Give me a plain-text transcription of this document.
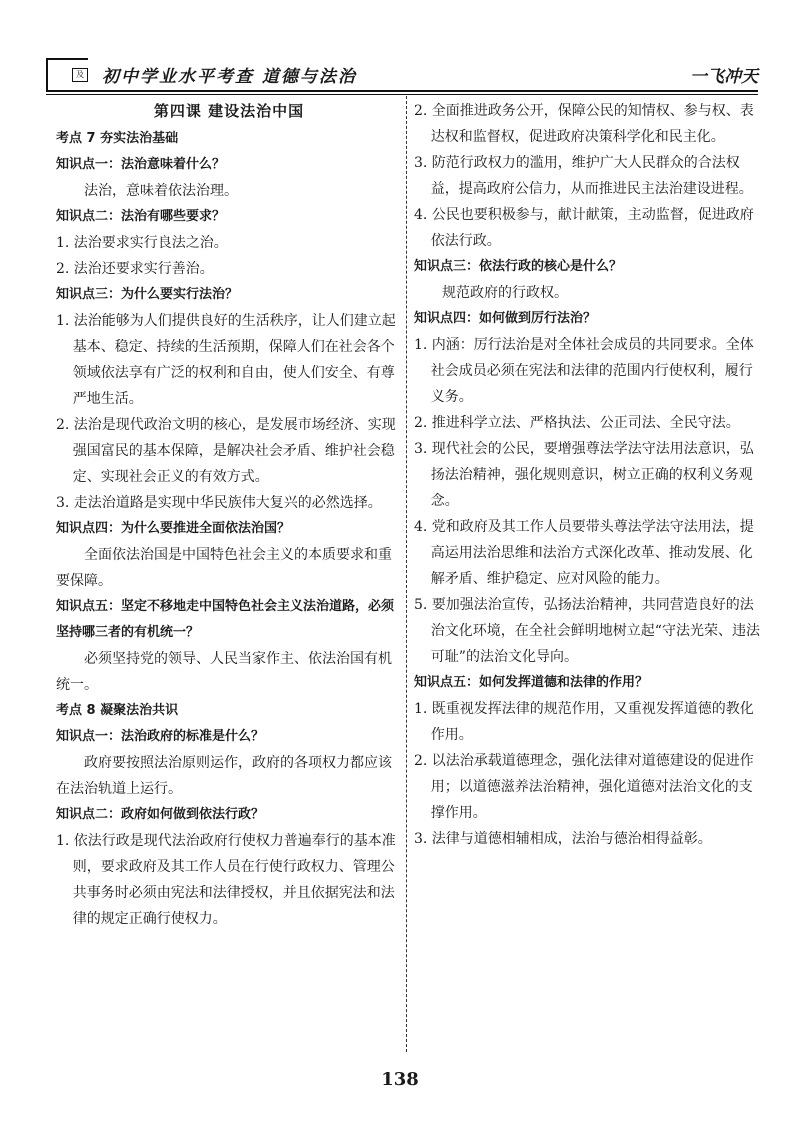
及 初中学业水平考查 道德与法治	一飞冲天

第四课 建设法治中国

考点 7 夯实法治基础

知识点一：法治意味着什么？

法治，意味着依法治理。

知识点二：法治有哪些要求？

1. 法治要求实行良法之治。

2. 法治还要求实行善治。

知识点三：为什么要实行法治？

1. 法治能够为人们提供良好的生活秩序，让人们建立起基本、稳定、持续的生活预期，保障人们在社会各个领域依法享有广泛的权利和自由，使人们安全、有尊严地生活。

2. 法治是现代政治文明的核心，是发展市场经济、实现强国富民的基本保障，是解决社会矛盾、维护社会稳定、实现社会正义的有效方式。

3. 走法治道路是实现中华民族伟大复兴的必然选择。

知识点四：为什么要推进全面依法治国？

全面依法治国是中国特色社会主义的本质要求和重要保障。

知识点五：坚定不移地走中国特色社会主义法治道路，必须坚持哪三者的有机统一？

必须坚持党的领导、人民当家作主、依法治国有机统一。

考点 8 凝聚法治共识

知识点一：法治政府的标准是什么？

政府要按照法治原则运作，政府的各项权力都应该在法治轨道上运行。

知识点二：政府如何做到依法行政？

1. 依法行政是现代法治政府行使权力普遍奉行的基本准则，要求政府及其工作人员在行使行政权力、管理公共事务时必须由宪法和法律授权，并且依据宪法和法律的规定正确行使权力。

2. 全面推进政务公开，保障公民的知情权、参与权、表达权和监督权，促进政府决策科学化和民主化。

3. 防范行政权力的滥用，维护广大人民群众的合法权益，提高政府公信力，从而推进民主法治建设进程。

4. 公民也要积极参与，献计献策，主动监督，促进政府依法行政。

知识点三：依法行政的核心是什么？

规范政府的行政权。

知识点四：如何做到厉行法治？

1. 内涵：厉行法治是对全体社会成员的共同要求。全体社会成员必须在宪法和法律的范围内行使权利，履行义务。

2. 推进科学立法、严格执法、公正司法、全民守法。

3. 现代社会的公民，要增强尊法学法守法用法意识，弘扬法治精神，强化规则意识，树立正确的权利义务观念。

4. 党和政府及其工作人员要带头尊法学法守法用法，提高运用法治思维和法治方式深化改革、推动发展、化解矛盾、维护稳定、应对风险的能力。

5. 要加强法治宣传，弘扬法治精神，共同营造良好的法治文化环境，在全社会鲜明地树立起“守法光荣、违法可耻”的法治文化导向。

知识点五：如何发挥道德和法律的作用？

1. 既重视发挥法律的规范作用，又重视发挥道德的教化作用。

2. 以法治承载道德理念，强化法律对道德建设的促进作用；以道德滋养法治精神，强化道德对法治文化的支撑作用。

3. 法律与道德相辅相成，法治与德治相得益彰。

138
